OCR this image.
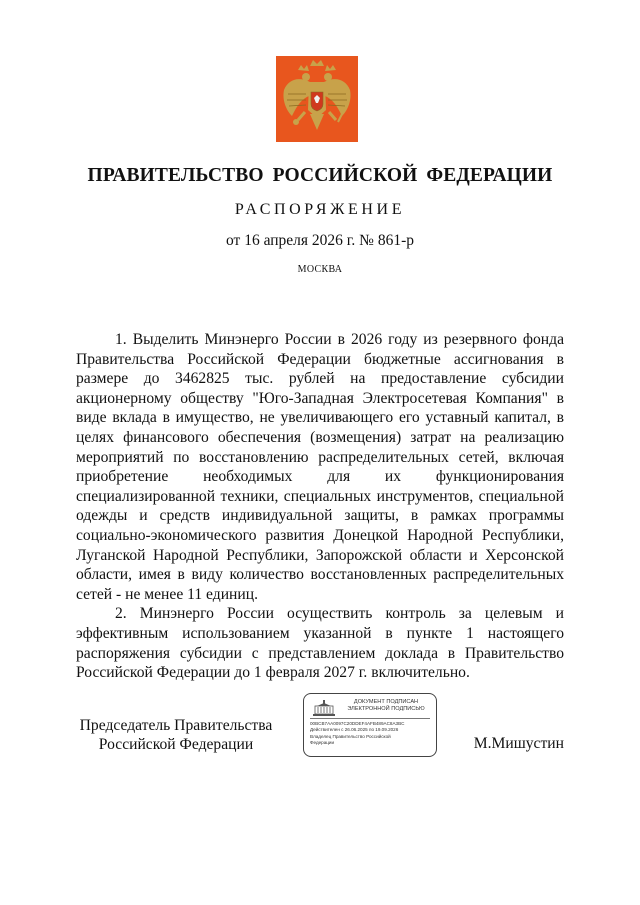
ПРАВИТЕЛЬСТВО РОССИЙСКОЙ ФЕДЕРАЦИИ
РАСПОРЯЖЕНИЕ
от 16 апреля 2026 г. № 861-р
МОСКВА

1. Выделить Минэнерго России в 2026 году из резервного фонда Правительства Российской Федерации бюджетные ассигнования в размере до 3462825 тыс. рублей на предоставление субсидии акционерному обществу "Юго-Западная Электросетевая Компания" в виде вклада в имущество, не увеличивающего его уставный капитал, в целях финансового обеспечения (возмещения) затрат на реализацию мероприятий по восстановлению распределительных сетей, включая приобретение необходимых для их функционирования специализированной техники, специальных инструментов, специальной одежды и средств индивидуальной защиты, в рамках программы социально-экономического развития Донецкой Народной Республики, Луганской Народной Республики, Запорожской области и Херсонской области, имея в виду количество восстановленных распределительных сетей - не менее 11 единиц.

2. Минэнерго России осуществить контроль за целевым и эффективным использованием указанной в пункте 1 настоящего распоряжения субсидии с представлением доклада в Правительство Российской Федерации до 1 февраля 2027 г. включительно.

Председатель Правительства
Российской Федерации
ДОКУМЕНТ ПОДПИСАН
ЭЛЕКТРОННОЙ ПОДПИСЬЮ
00BCB7AA0097C20DDEF4AFB489AC8A3BC
Действителен с 26.06.2025 по 19.09.2026
Владелец Правительство Российской
Федерации	М.Мишустин
